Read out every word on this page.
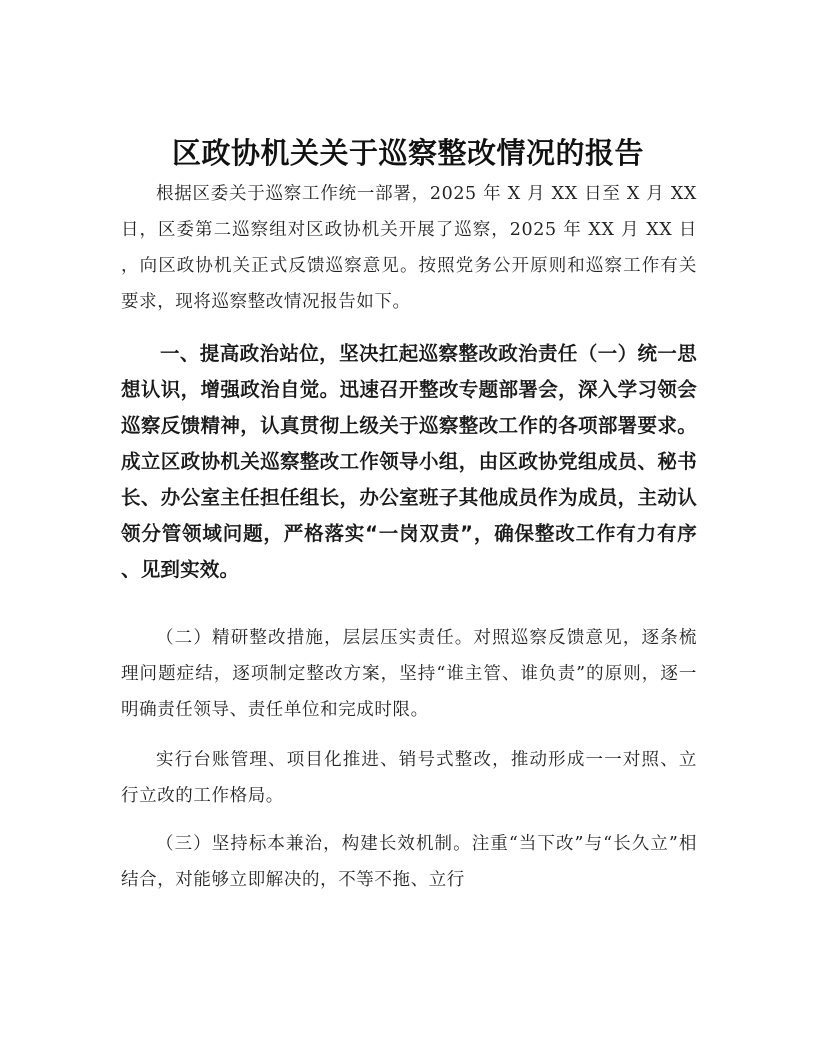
区政协机关关于巡察整改情况的报告

根据区委关于巡察工作统一部署，2025 年 X 月 XX 日至 X 月 XX 日，区委第二巡察组对区政协机关开展了巡察，2025 年 XX 月 XX 日，向区政协机关正式反馈巡察意见。按照党务公开原则和巡察工作有关要求，现将巡察整改情况报告如下。

一、提高政治站位，坚决扛起巡察整改政治责任（一）统一思想认识，增强政治自觉。迅速召开整改专题部署会，深入学习领会巡察反馈精神，认真贯彻上级关于巡察整改工作的各项部署要求。成立区政协机关巡察整改工作领导小组，由区政协党组成员、秘书长、办公室主任担任组长，办公室班子其他成员作为成员，主动认领分管领域问题，严格落实“一岗双责”，确保整改工作有力有序、见到实效。

（二）精研整改措施，层层压实责任。对照巡察反馈意见，逐条梳理问题症结，逐项制定整改方案，坚持“谁主管、谁负责”的原则，逐一明确责任领导、责任单位和完成时限。

实行台账管理、项目化推进、销号式整改，推动形成一一对照、立行立改的工作格局。

（三）坚持标本兼治，构建长效机制。注重“当下改”与“长久立”相结合，对能够立即解决的，不等不拖、立行
